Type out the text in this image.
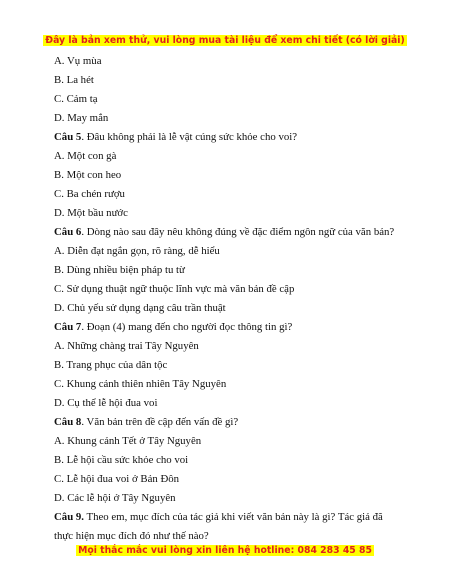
Đây là bản xem thử, vui lòng mua tài liệu để xem chi tiết (có lời giải)
A. Vụ mùa
B. La hét
C. Cảm tạ
D. May mắn
Câu 5. Đâu không phải là lễ vật cúng sức khỏe cho voi?
A. Một con gà
B. Một con heo
C. Ba chén rượu
D. Một bầu nước
Câu 6. Dòng nào sau đây nêu không đúng về đặc điểm ngôn ngữ của văn bản?
A. Diễn đạt ngắn gọn, rõ ràng, dễ hiểu
B. Dùng nhiều biện pháp tu từ
C. Sử dụng thuật ngữ thuộc lĩnh vực mà văn bản đề cập
D. Chủ yếu sử dụng dạng câu trần thuật
Câu 7. Đoạn (4) mang đến cho người đọc thông tin gì?
A. Những chàng trai Tây Nguyên
B. Trang phục của dân tộc
C. Khung cảnh thiên nhiên Tây Nguyên
D. Cụ thể lễ hội đua voi
Câu 8. Văn bản trên đề cập đến vấn đề gì?
A. Khung cảnh Tết ở Tây Nguyên
B. Lễ hội cầu sức khỏe cho voi
C. Lễ hội đua voi ở Bản Đôn
D. Các lễ hội ở Tây Nguyên
Câu 9. Theo em, mục đích của tác giả khi viết văn bản này là gì? Tác giả đã thực hiện mục đích đó như thế nào?
Mọi thắc mắc vui lòng xin liên hệ hotline: 084 283 45 85
